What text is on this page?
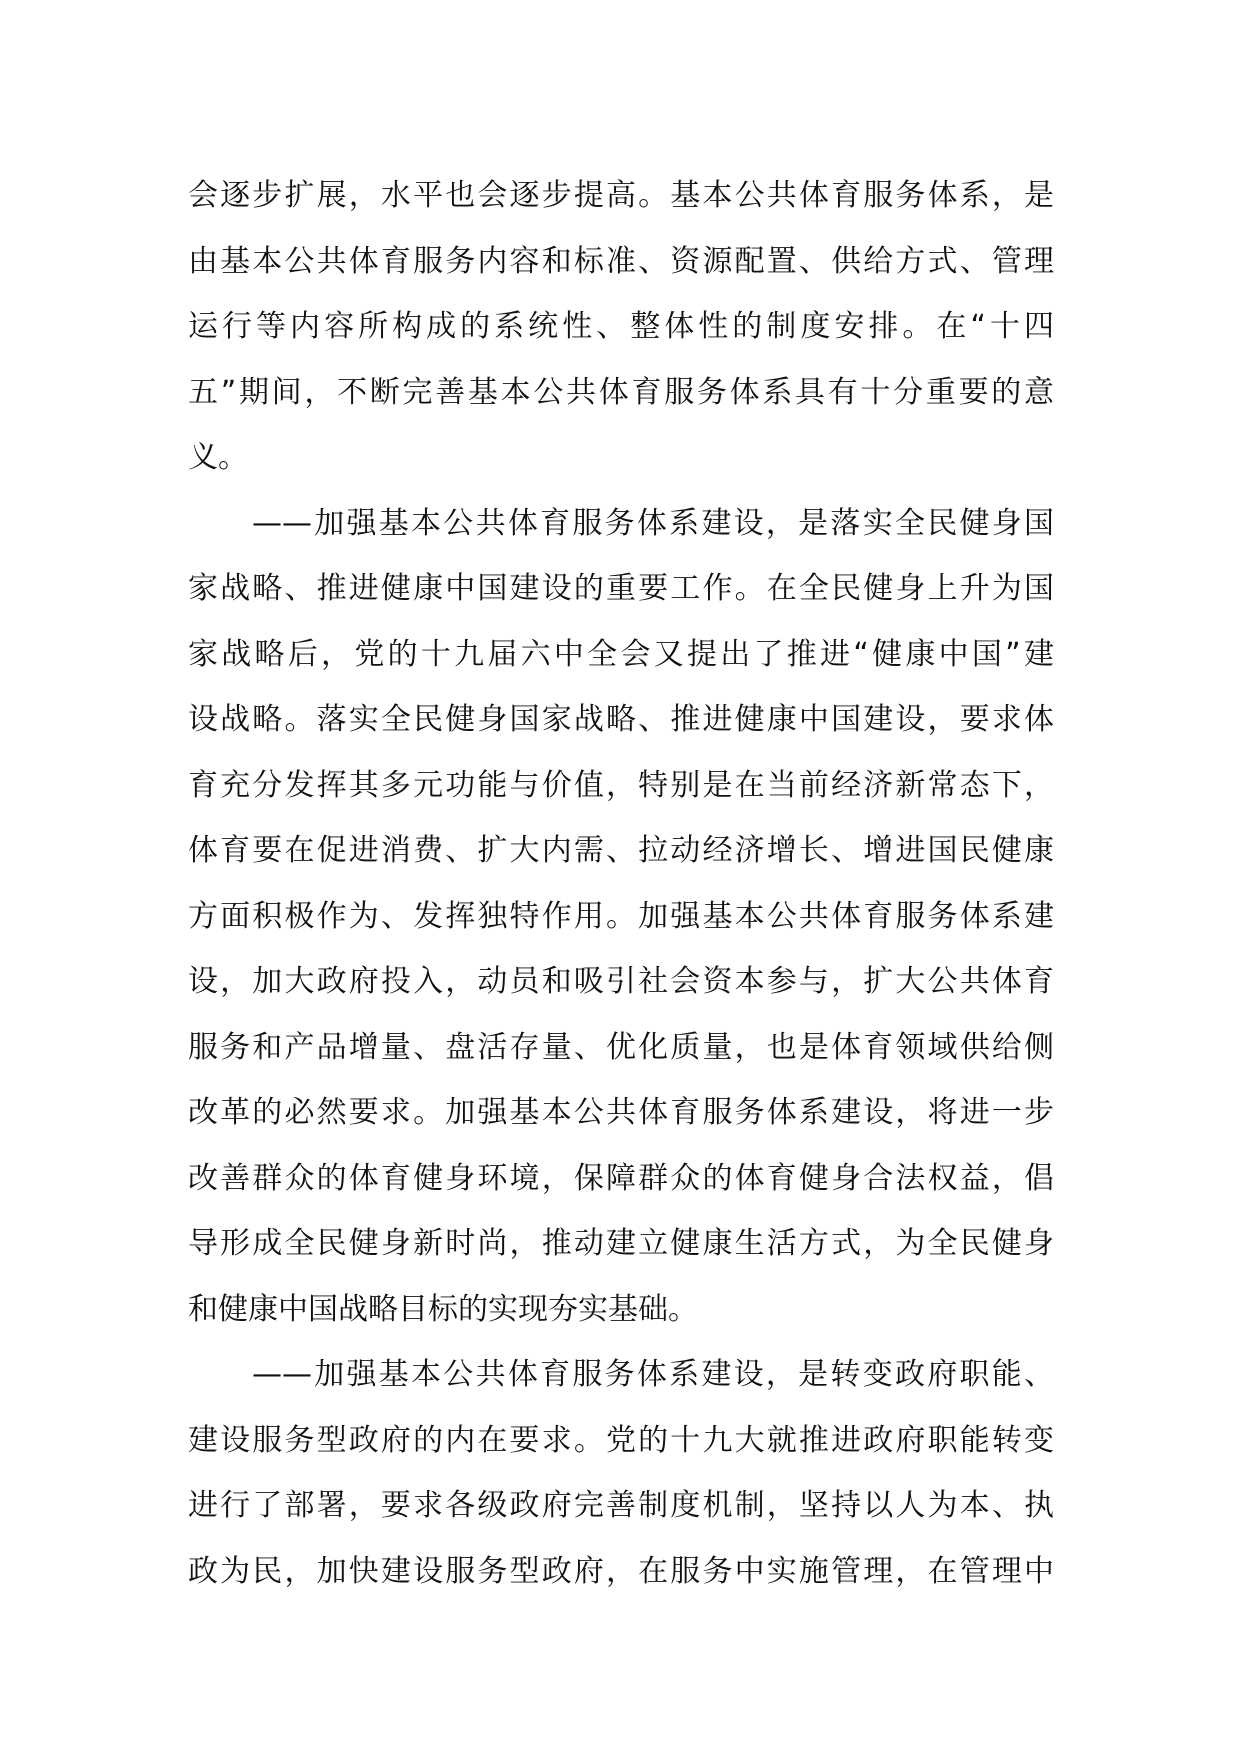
会逐步扩展，水平也会逐步提高。基本公共体育服务体系，是
由基本公共体育服务内容和标准、资源配置、供给方式、管理
运行等内容所构成的系统性、整体性的制度安排。在“十四
五”期间，不断完善基本公共体育服务体系具有十分重要的意
义。
——加强基本公共体育服务体系建设，是落实全民健身国
家战略、推进健康中国建设的重要工作。在全民健身上升为国
家战略后，党的十九届六中全会又提出了推进“健康中国”建
设战略。落实全民健身国家战略、推进健康中国建设，要求体
育充分发挥其多元功能与价值，特别是在当前经济新常态下，
体育要在促进消费、扩大内需、拉动经济增长、增进国民健康
方面积极作为、发挥独特作用。加强基本公共体育服务体系建
设，加大政府投入，动员和吸引社会资本参与，扩大公共体育
服务和产品增量、盘活存量、优化质量，也是体育领域供给侧
改革的必然要求。加强基本公共体育服务体系建设，将进一步
改善群众的体育健身环境，保障群众的体育健身合法权益，倡
导形成全民健身新时尚，推动建立健康生活方式，为全民健身
和健康中国战略目标的实现夯实基础。
——加强基本公共体育服务体系建设，是转变政府职能、
建设服务型政府的内在要求。党的十九大就推进政府职能转变
进行了部署，要求各级政府完善制度机制，坚持以人为本、执
政为民，加快建设服务型政府，在服务中实施管理，在管理中
